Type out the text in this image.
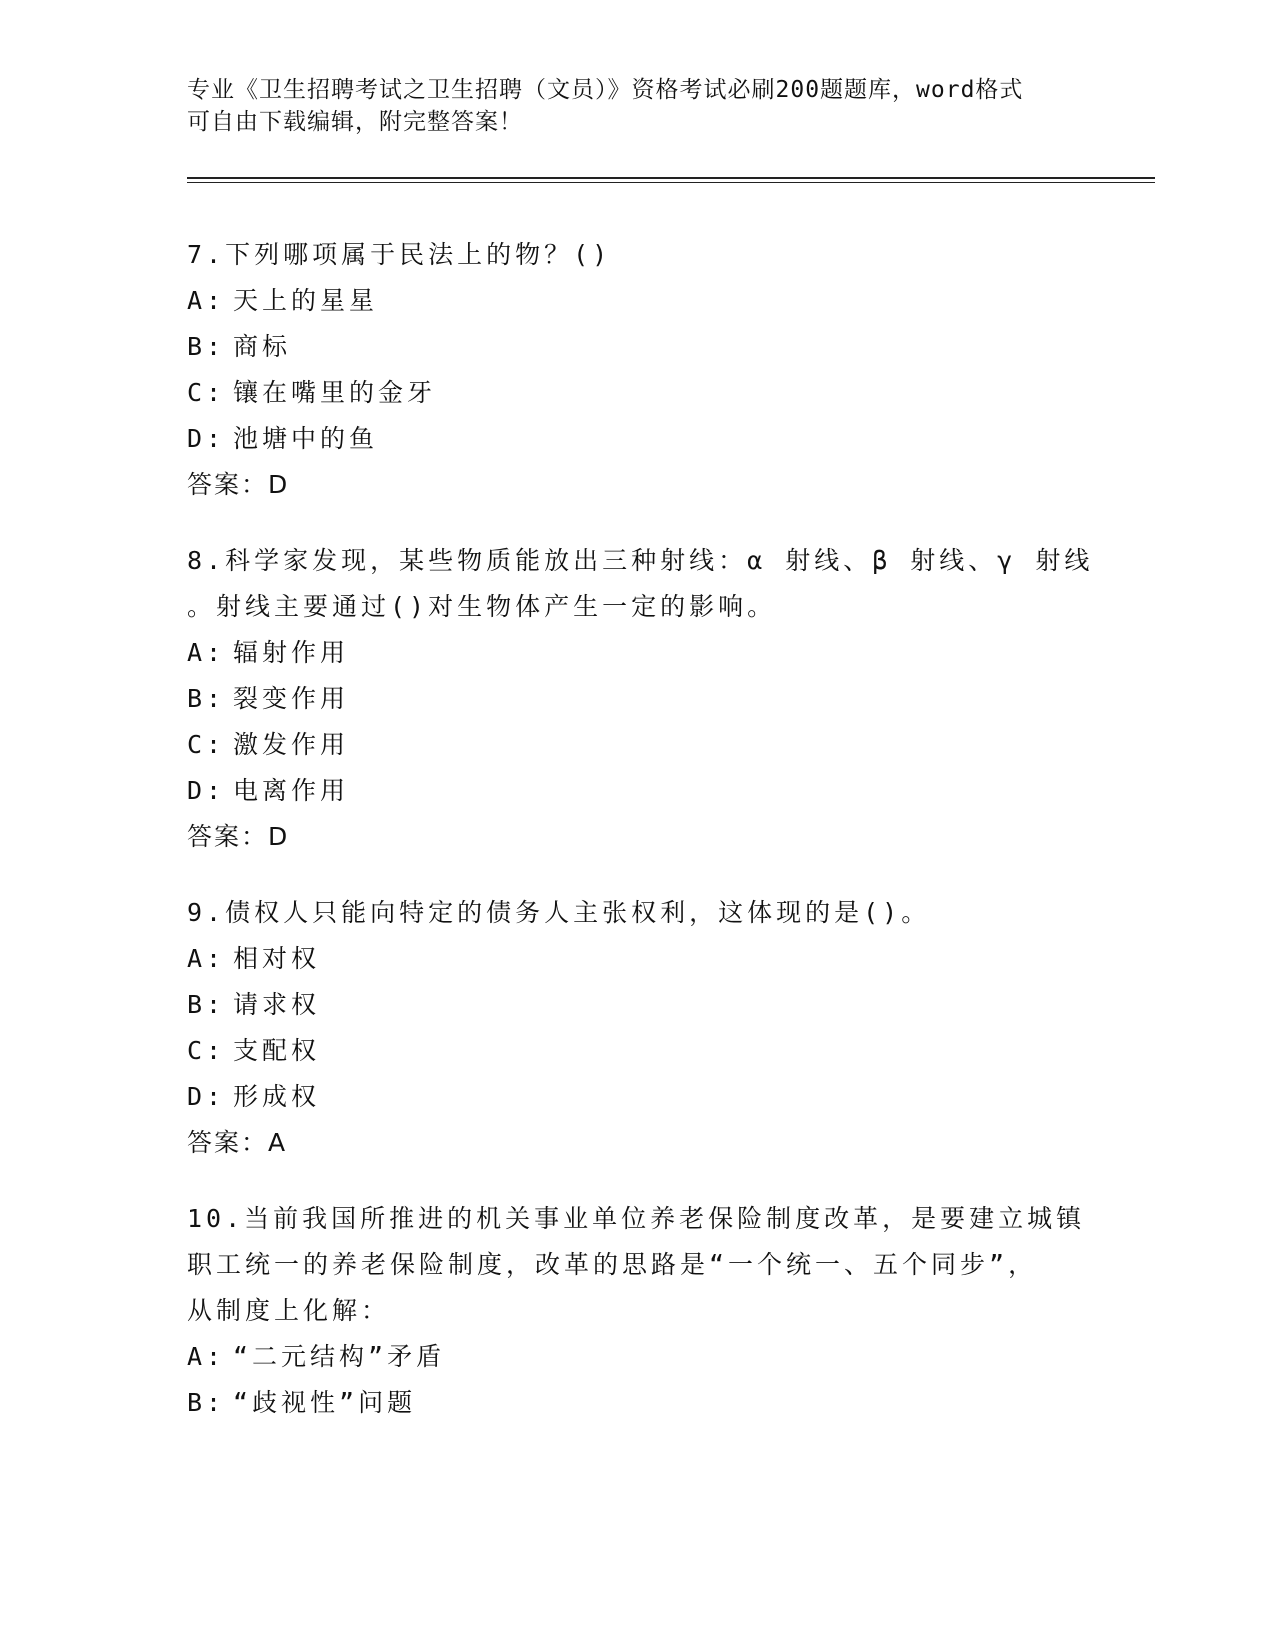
专业《卫生招聘考试之卫生招聘（文员）》资格考试必刷200题题库，word格式
可自由下载编辑，附完整答案！
7.下列哪项属于民法上的物？()
A: 天上的星星
B: 商标
C: 镶在嘴里的金牙
D: 池塘中的鱼
答案：D
8.科学家发现，某些物质能放出三种射线：α 射线、β 射线、γ 射线
。射线主要通过()对生物体产生一定的影响。
A: 辐射作用
B: 裂变作用
C: 激发作用
D: 电离作用
答案：D
9.债权人只能向特定的债务人主张权利，这体现的是()。
A: 相对权
B: 请求权
C: 支配权
D: 形成权
答案：A
10.当前我国所推进的机关事业单位养老保险制度改革，是要建立城镇
职工统一的养老保险制度，改革的思路是“一个统一、五个同步”，
从制度上化解：
A: “二元结构”矛盾
B: “歧视性”问题
